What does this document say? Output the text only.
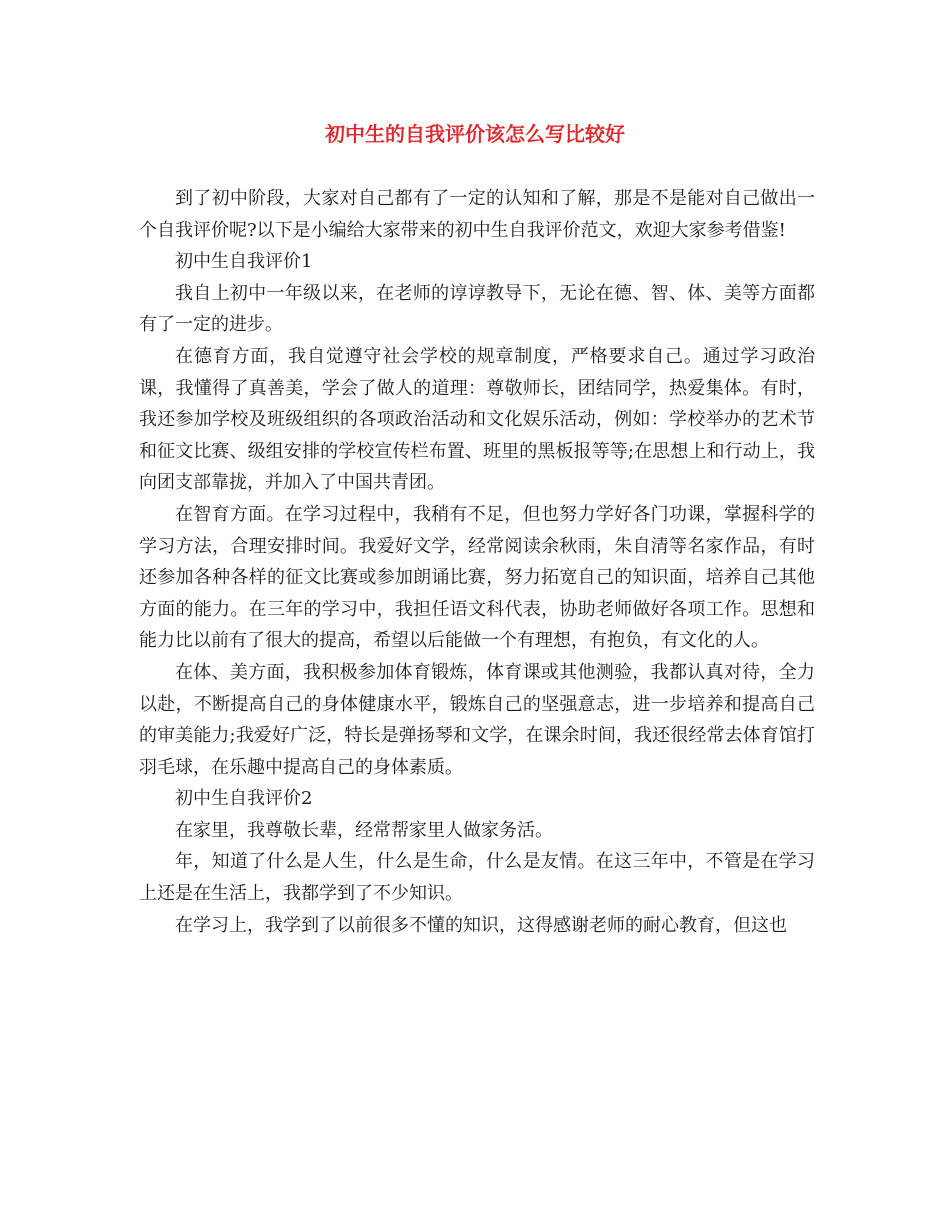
初中生的自我评价该怎么写比较好

到了初中阶段，大家对自己都有了一定的认知和了解，那是不是能对自己做出一个自我评价呢?以下是小编给大家带来的初中生自我评价范文，欢迎大家参考借鉴!

初中生自我评价1

我自上初中一年级以来，在老师的谆谆教导下，无论在德、智、体、美等方面都有了一定的进步。

在德育方面，我自觉遵守社会学校的规章制度，严格要求自己。通过学习政治课，我懂得了真善美，学会了做人的道理：尊敬师长，团结同学，热爱集体。有时，我还参加学校及班级组织的各项政治活动和文化娱乐活动，例如：学校举办的艺术节和征文比赛、级组安排的学校宣传栏布置、班里的黑板报等等;在思想上和行动上，我向团支部靠拢，并加入了中国共青团。

在智育方面。在学习过程中，我稍有不足，但也努力学好各门功课，掌握科学的学习方法，合理安排时间。我爱好文学，经常阅读余秋雨，朱自清等名家作品，有时还参加各种各样的征文比赛或参加朗诵比赛，努力拓宽自己的知识面，培养自己其他方面的能力。在三年的学习中，我担任语文科代表，协助老师做好各项工作。思想和能力比以前有了很大的提高，希望以后能做一个有理想，有抱负，有文化的人。

在体、美方面，我积极参加体育锻炼，体育课或其他测验，我都认真对待，全力以赴，不断提高自己的身体健康水平，锻炼自己的坚强意志，进一步培养和提高自己的审美能力;我爱好广泛，特长是弹扬琴和文学，在课余时间，我还很经常去体育馆打羽毛球，在乐趣中提高自己的身体素质。

初中生自我评价2

在家里，我尊敬长辈，经常帮家里人做家务活。

年，知道了什么是人生，什么是生命，什么是友情。在这三年中，不管是在学习上还是在生活上，我都学到了不少知识。

在学习上，我学到了以前很多不懂的知识，这得感谢老师的耐心教育，但这也
